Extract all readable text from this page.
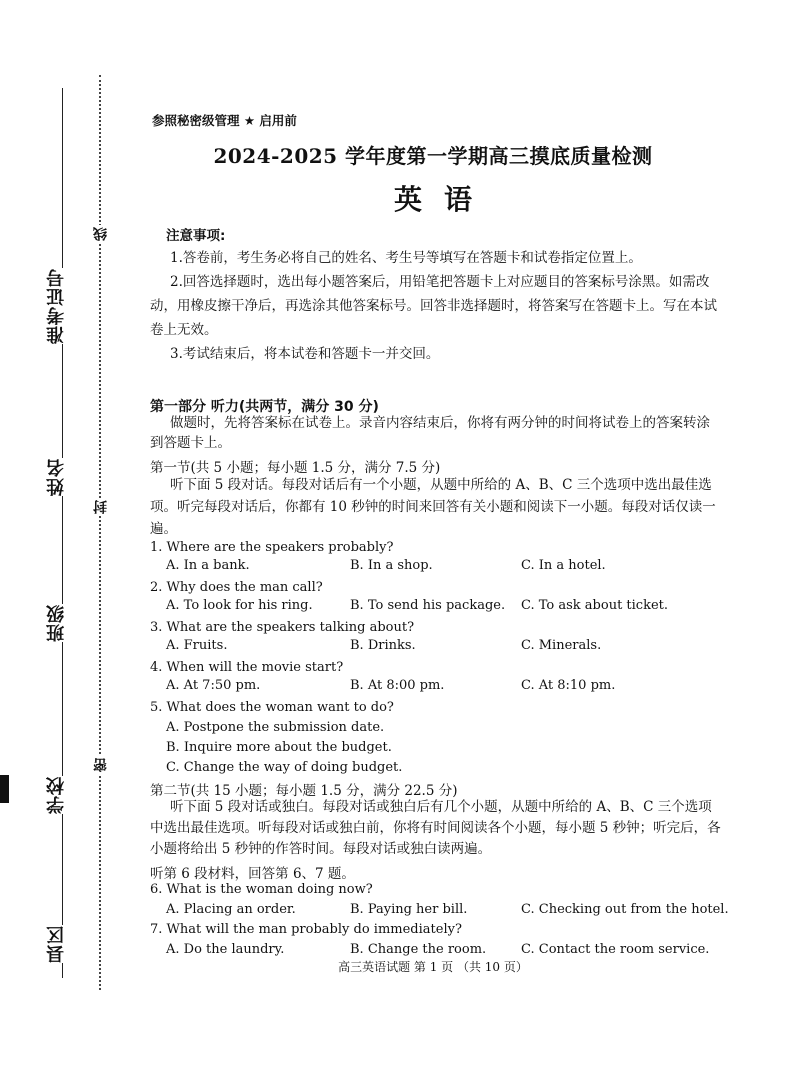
准考证号
姓名
班级
学校
县区
线
封
密
参照秘密级管理 ★ 启用前
2024-2025 学年度第一学期高三摸底质量检测
英语
注意事项:

1.答卷前，考生务必将自己的姓名、考生号等填写在答题卡和试卷指定位置上。

2.回答选择题时，选出每小题答案后，用铅笔把答题卡上对应题目的答案标号涂黑。如需改动，用橡皮擦干净后，再选涂其他答案标号。回答非选择题时，将答案写在答题卡上。写在本试卷上无效。

3.考试结束后，将本试卷和答题卡一并交回。

第一部分 听力(共两节，满分 30 分)

做题时，先将答案标在试卷上。录音内容结束后，你将有两分钟的时间将试卷上的答案转涂到答题卡上。

第一节(共 5 小题；每小题 1.5 分，满分 7.5 分)

听下面 5 段对话。每段对话后有一个小题，从题中所给的 A、B、C 三个选项中选出最佳选项。听完每段对话后，你都有 10 秒钟的时间来回答有关小题和阅读下一小题。每段对话仅读一遍。

1. Where are the speakers probably?
A. In a bank.	B. In a shop.	C. In a hotel.
2. Why does the man call?
A. To look for his ring.	B. To send his package. C. To ask about ticket.
3. What are the speakers talking about?
A. Fruits.	B. Drinks.	C. Minerals.
4. When will the movie start?
A. At 7:50 pm.	B. At 8:00 pm.	C. At 8:10 pm.
5. What does the woman want to do?
A. Postpone the submission date.
B. Inquire more about the budget.
C. Change the way of doing budget.
第二节(共 15 小题；每小题 1.5 分，满分 22.5 分)

听下面 5 段对话或独白。每段对话或独白后有几个小题，从题中所给的 A、B、C 三个选项中选出最佳选项。听每段对话或独白前，你将有时间阅读各个小题，每小题 5 秒钟；听完后，各小题将给出 5 秒钟的作答时间。每段对话或独白读两遍。

听第 6 段材料，回答第 6、7 题。
6. What is the woman doing now?
A. Placing an order.	B. Paying her bill.	C. Checking out from the hotel.
7. What will the man probably do immediately?
A. Do the laundry.	B. Change the room.	C. Contact the room service.
高三英语试题 第 1 页 （共 10 页）
